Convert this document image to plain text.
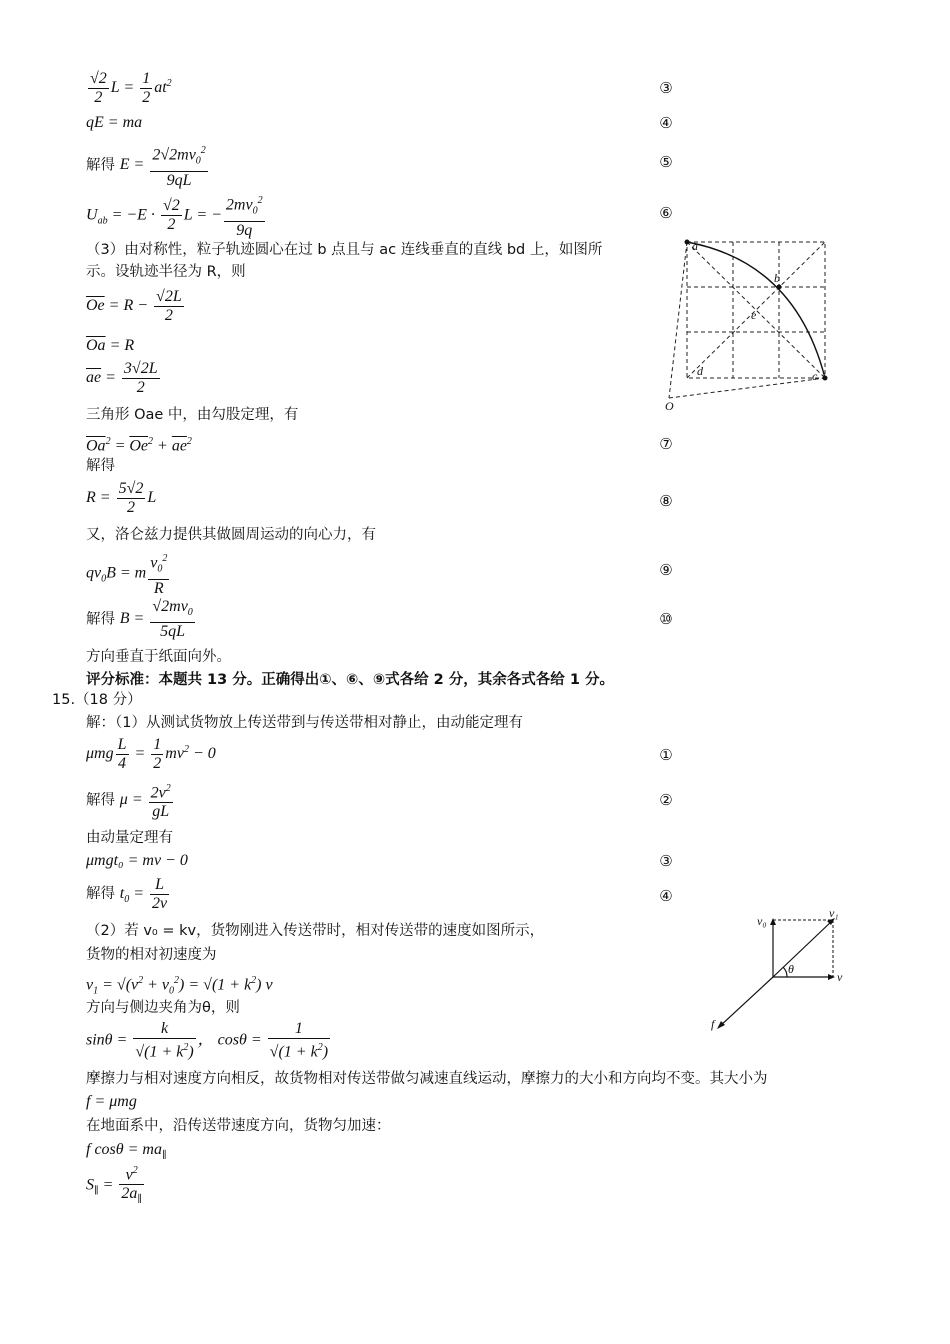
$\frac{√2}{2}$ $L = \frac{1}{2} at^2$	③
qE = ma	④
解得 $E = \frac{2√2mv_0^2}{9qL}$	⑤
$U_{ab} = -E \cdot \frac{√2}{2}$ L = − $\frac{2mv_0^2}{9q}$	⑥
（3）由对称性，粒子轨迹圆心在过 b 点且与 ac 连线垂直的直线 bd 上，如图所
示。设轨迹半径为 R，则
$\overline{Oe} = R - \frac{√2L}{2}$
$\overline{Oa} = R$
$\overline{ae} = \frac{3√2L}{2}$
三角形 Oae 中，由勾股定理，有
$\overline{Oa}^2 = \overline{Oe}^2 + \overline{ae}^2$	⑦
解得
$R = \frac{5√2}{2}$ L	⑧
又，洛仑兹力提供其做圆周运动的向心力，有
$qv_0B = m \frac{v_0^2}{R}$	⑨
解得 $B = \frac{√2mv_0}{5qL}$	⑩
方向垂直于纸面向外。
评分标准：本题共 13 分。正确得出①、⑥、⑨式各给 2 分，其余各式各给 1 分。
15.（18 分）
解：（1）从测试货物放上传送带到与传送带相对静止，由动能定理有
μmg $\frac{L}{4} = \frac{1}{2} mv^2 - 0$	①
解得 $\mu = \frac{2v^2}{gL}$	②
由动量定理有
μmgt₀ = mv − 0	③
解得 $t_0 = \frac{L}{2v}$	④
（2）若 v₀ = kv，货物刚进入传送带时，相对传送带的速度如图所示，
货物的相对初速度为
$v_1 = √(v^2 + v_0^2) = √(1 + k^2)$ v
方向与侧边夹角为θ，则
$\sin\theta = \frac{k}{√(1 + k^2)}$ ， $\cos\theta = \frac{1}{√(1 + k^2)}$
摩擦力与相对速度方向相反，故货物相对传送带做匀减速直线运动，摩擦力的大小和方向均不变。其大小为
f = μmg
在地面系中，沿传送带速度方向，货物匀加速：
f $\cos\theta = ma_\parallel$
$S_\parallel = \frac{v^2}{2a_\parallel}$
a
b
c
d
e
O
v₀
v₁
θ
v
f
